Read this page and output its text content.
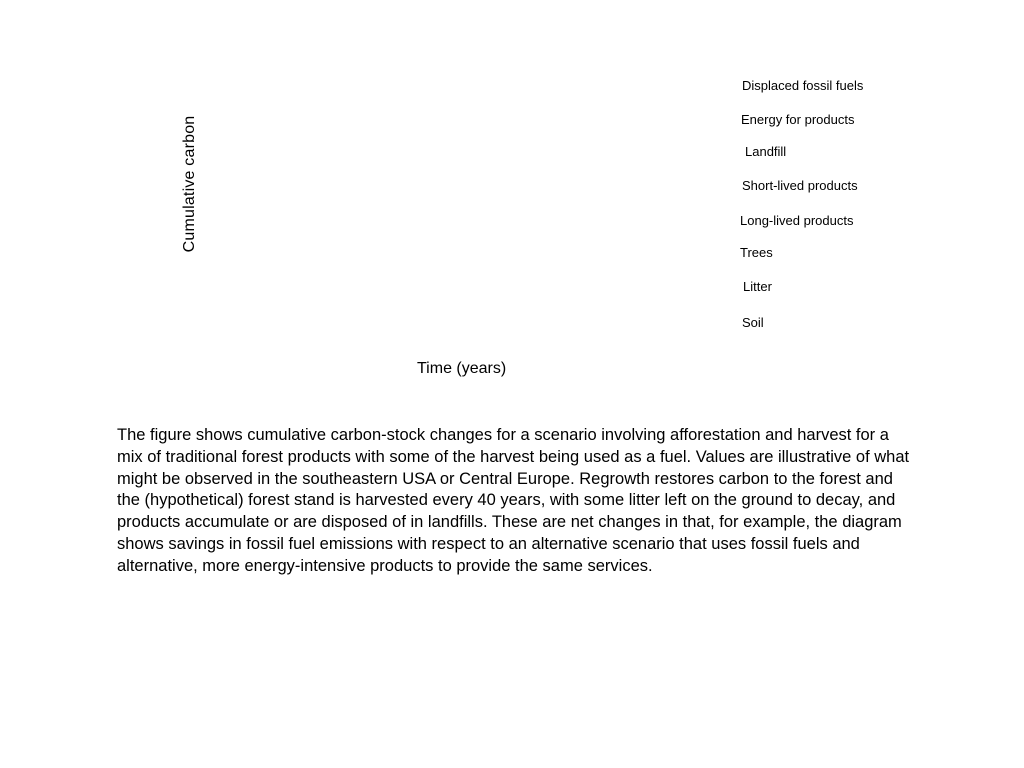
Cumulative carbon
Displaced fossil fuels
Energy for products
Landfill
Short-lived products
Long-lived products
Trees
Litter
Soil
Time (years)

The figure shows cumulative carbon-stock changes for a scenario involving afforestation and harvest for a mix of traditional forest products with some of the harvest being used as a fuel. Values are illustrative of what might be observed in the southeastern USA or Central Europe. Regrowth restores carbon to the forest and the (hypothetical) forest stand is harvested every 40 years, with some litter left on the ground to decay, and products accumulate or are disposed of in landfills. These are net changes in that, for example, the diagram shows savings in fossil fuel emissions with respect to an alternative scenario that uses fossil fuels and alternative, more energy-intensive products to provide the same services.
